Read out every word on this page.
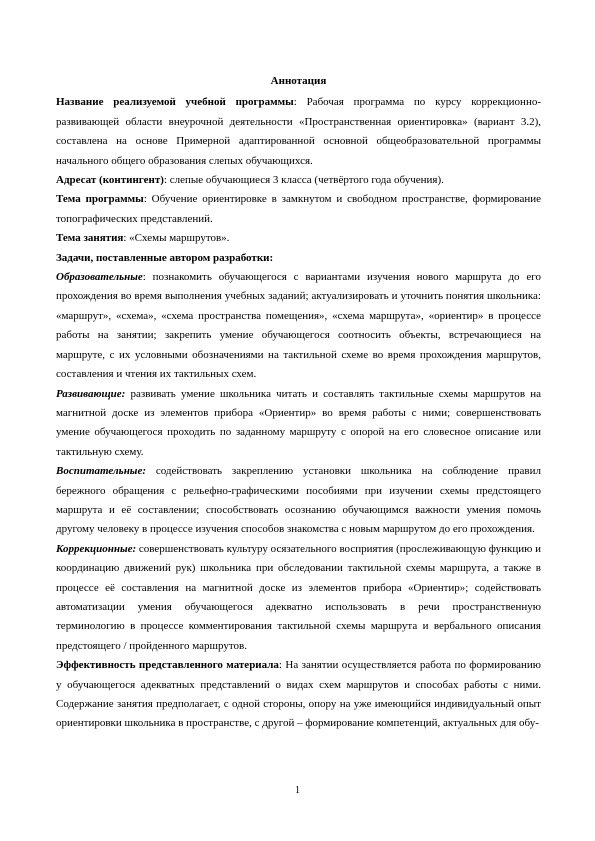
Аннотация

Название реализуемой учебной программы: Рабочая программа по курсу коррекционно-развивающей области внеурочной деятельности «Пространственная ориентировка» (вариант 3.2), составлена на основе Примерной адаптированной основной общеобразовательной программы начального общего образования слепых обучающихся.

Адресат (контингент): слепые обучающиеся 3 класса (четвёртого года обучения).

Тема программы: Обучение ориентировке в замкнутом и свободном пространстве, формирование топографических представлений.

Тема занятия: «Схемы маршрутов».

Задачи, поставленные автором разработки:

Образовательные: познакомить обучающегося с вариантами изучения нового маршрута до его прохождения во время выполнения учебных заданий; актуализировать и уточнить понятия школьника: «маршрут», «схема», «схема пространства помещения», «схема маршрута», «ориентир» в процессе работы на занятии; закрепить умение обучающегося соотносить объекты, встречающиеся на маршруте, с их условными обозначениями на тактильной схеме во время прохождения маршрутов, составления и чтения их тактильных схем.

Развивающие: развивать умение школьника читать и составлять тактильные схемы маршрутов на магнитной доске из элементов прибора «Ориентир» во время работы с ними; совершенствовать умение обучающегося проходить по заданному маршруту с опорой на его словесное описание или тактильную схему.

Воспитательные: содействовать закреплению установки школьника на соблюдение правил бережного обращения с рельефно-графическими пособиями при изучении схемы предстоящего маршрута и её составлении; способствовать осознанию обучающимся важности умения помочь другому человеку в процессе изучения способов знакомства с новым маршрутом до его прохождения.

Коррекционные: совершенствовать культуру осязательного восприятия (прослеживающую функцию и координацию движений рук) школьника при обследовании тактильной схемы маршрута, а также в процессе её составления на магнитной доске из элементов прибора «Ориентир»; содействовать автоматизации умения обучающегося адекватно использовать в речи пространственную терминологию в процессе комментирования тактильной схемы маршрута и вербального описания предстоящего / пройденного маршрутов.

Эффективность представленного материала: На занятии осуществляется работа по формированию у обучающегося адекватных представлений о видах схем маршрутов и способах работы с ними. Содержание занятия предполагает, с одной стороны, опору на уже имеющийся индивидуальный опыт ориентировки школьника в пространстве, с другой – формирование компетенций, актуальных для обу-

1
